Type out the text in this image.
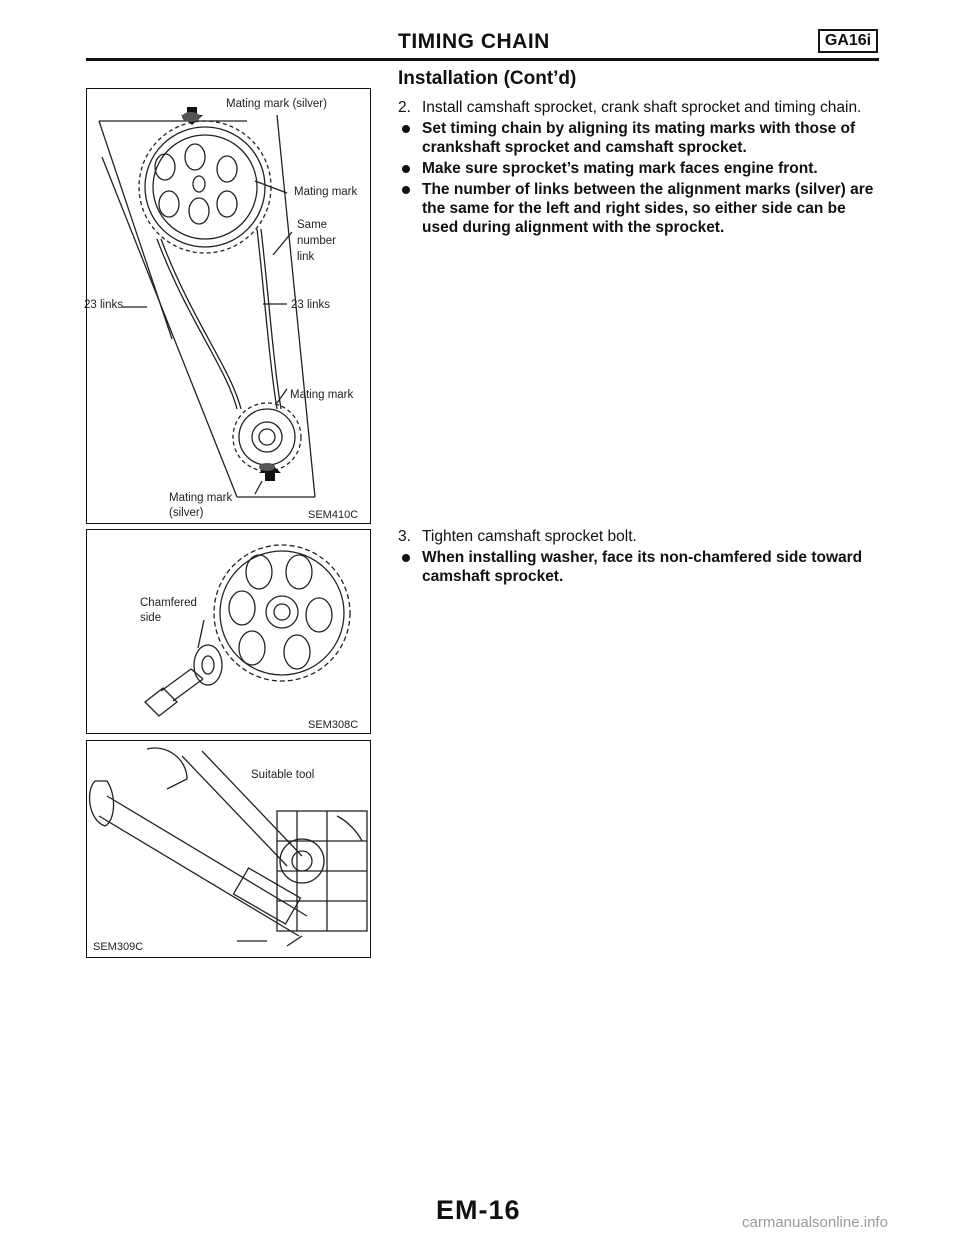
TIMING CHAIN	GA16i
Installation (Cont’d)
2. Install camshaft sprocket, crank shaft sprocket and timing chain.
Set timing chain by aligning its mating marks with those of crankshaft sprocket and camshaft sprocket.
Make sure sprocket’s mating mark faces engine front.
The number of links between the alignment marks (silver) are the same for the left and right sides, so either side can be used during alignment with the sprocket.
3. Tighten camshaft sprocket bolt.
When installing washer, face its non-chamfered side toward camshaft sprocket.
Mating mark (silver)
Mating mark
Same
number
link
23 links	23 links
Mating mark
Mating mark
(silver)	SEM410C
Chamfered
side
SEM308C
Suitable tool
SEM309C
EM-16	carmanualsonline.info
